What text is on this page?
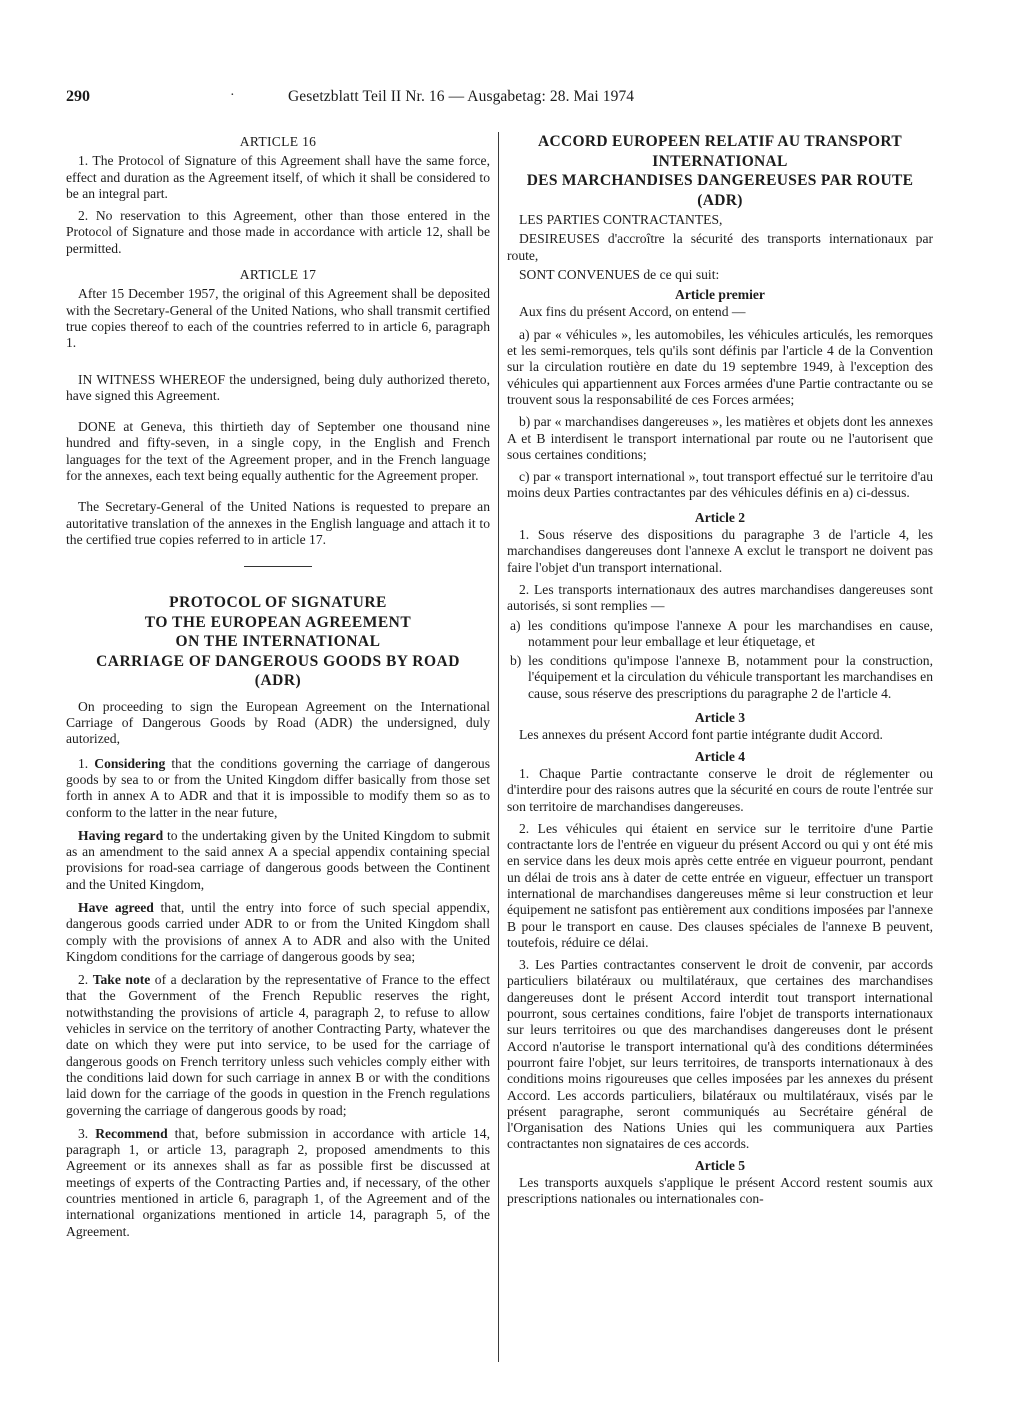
290	·	Gesetzblatt Teil II Nr. 16 — Ausgabetag: 28. Mai 1974
ARTICLE 16

1. The Protocol of Signature of this Agreement shall have the same force, effect and duration as the Agreement itself, of which it shall be considered to be an integral part.

2. No reservation to this Agreement, other than those entered in the Protocol of Signature and those made in accordance with article 12, shall be permitted.

ARTICLE 17

After 15 December 1957, the original of this Agreement shall be deposited with the Secretary-General of the United Nations, who shall transmit certified true copies thereof to each of the countries referred to in article 6, paragraph 1.

IN WITNESS WHEREOF the undersigned, being duly authorized thereto, have signed this Agreement.

DONE at Geneva, this thirtieth day of September one thousand nine hundred and fifty-seven, in a single copy, in the English and French languages for the text of the Agreement proper, and in the French language for the annexes, each text being equally authentic for the Agreement proper.

The Secretary-General of the United Nations is requested to prepare an autoritative translation of the annexes in the English language and attach it to the certified true copies referred to in article 17.

PROTOCOL OF SIGNATURE
TO THE EUROPEAN AGREEMENT
ON THE INTERNATIONAL
CARRIAGE OF DANGEROUS GOODS BY ROAD
(ADR)

On proceeding to sign the European Agreement on the International Carriage of Dangerous Goods by Road (ADR) the undersigned, duly autorized,

1. Considering that the conditions governing the carriage of dangerous goods by sea to or from the United Kingdom differ basically from those set forth in annex A to ADR and that it is impossible to modify them so as to conform to the latter in the near future,

Having regard to the undertaking given by the United Kingdom to submit as an amendment to the said annex A a special appendix containing special provisions for road-sea carriage of dangerous goods between the Continent and the United Kingdom,

Have agreed that, until the entry into force of such special appendix, dangerous goods carried under ADR to or from the United Kingdom shall comply with the provisions of annex A to ADR and also with the United Kingdom conditions for the carriage of dangerous goods by sea;

2. Take note of a declaration by the representative of France to the effect that the Government of the French Republic reserves the right, notwithstanding the provisions of article 4, paragraph 2, to refuse to allow vehicles in service on the territory of another Contracting Party, whatever the date on which they were put into service, to be used for the carriage of dangerous goods on French territory unless such vehicles comply either with the conditions laid down for such carriage in annex B or with the conditions laid down for the carriage of the goods in question in the French regulations governing the carriage of dangerous goods by road;

3. Recommend that, before submission in accordance with article 14, paragraph 1, or article 13, paragraph 2, proposed amendments to this Agreement or its annexes shall as far as possible first be discussed at meetings of experts of the Contracting Parties and, if necessary, of the other countries mentioned in article 6, paragraph 1, of the Agreement and of the international organizations mentioned in article 14, paragraph 5, of the Agreement.

ACCORD EUROPEEN RELATIF AU TRANSPORT
INTERNATIONAL
DES MARCHANDISES DANGEREUSES PAR ROUTE
(ADR)

LES PARTIES CONTRACTANTES,

DESIREUSES d'accroître la sécurité des transports internationaux par route,

SONT CONVENUES de ce qui suit:

Article premier

Aux fins du présent Accord, on entend —

a) par « véhicules », les automobiles, les véhicules articulés, les remorques et les semi-remorques, tels qu'ils sont définis par l'article 4 de la Convention sur la circulation routière en date du 19 septembre 1949, à l'exception des véhicules qui appartiennent aux Forces armées d'une Partie contractante ou se trouvent sous la responsabilité de ces Forces armées;

b) par « marchandises dangereuses », les matières et objets dont les annexes A et B interdisent le transport international par route ou ne l'autorisent que sous certaines conditions;

c) par « transport international », tout transport effectué sur le territoire d'au moins deux Parties contractantes par des véhicules définis en a) ci-dessus.

Article 2

1. Sous réserve des dispositions du paragraphe 3 de l'article 4, les marchandises dangereuses dont l'annexe A exclut le transport ne doivent pas faire l'objet d'un transport international.

2. Les transports internationaux des autres marchandises dangereuses sont autorisés, si sont remplies —

a) les conditions qu'impose l'annexe A pour les marchandises en cause, notamment pour leur emballage et leur étiquetage, et

b) les conditions qu'impose l'annexe B, notamment pour la construction, l'équipement et la circulation du véhicule transportant les marchandises en cause, sous réserve des prescriptions du paragraphe 2 de l'article 4.

Article 3

Les annexes du présent Accord font partie intégrante dudit Accord.

Article 4

1. Chaque Partie contractante conserve le droit de réglementer ou d'interdire pour des raisons autres que la sécurité en cours de route l'entrée sur son territoire de marchandises dangereuses.

2. Les véhicules qui étaient en service sur le territoire d'une Partie contractante lors de l'entrée en vigueur du présent Accord ou qui y ont été mis en service dans les deux mois après cette entrée en vigueur pourront, pendant un délai de trois ans à dater de cette entrée en vigueur, effectuer un transport international de marchandises dangereuses même si leur construction et leur équipement ne satisfont pas entièrement aux conditions imposées par l'annexe B pour le transport en cause. Des clauses spéciales de l'annexe B peuvent, toutefois, réduire ce délai.

3. Les Parties contractantes conservent le droit de convenir, par accords particuliers bilatéraux ou multilatéraux, que certaines des marchandises dangereuses dont le présent Accord interdit tout transport international pourront, sous certaines conditions, faire l'objet de transports internationaux sur leurs territoires ou que des marchandises dangereuses dont le présent Accord n'autorise le transport international qu'à des conditions déterminées pourront faire l'objet, sur leurs territoires, de transports internationaux à des conditions moins rigoureuses que celles imposées par les annexes du présent Accord. Les accords particuliers, bilatéraux ou multilatéraux, visés par le présent paragraphe, seront communiqués au Secrétaire général de l'Organisation des Nations Unies qui les communiquera aux Parties contractantes non signataires de ces accords.

Article 5

Les transports auxquels s'applique le présent Accord restent soumis aux prescriptions nationales ou internationales con-
